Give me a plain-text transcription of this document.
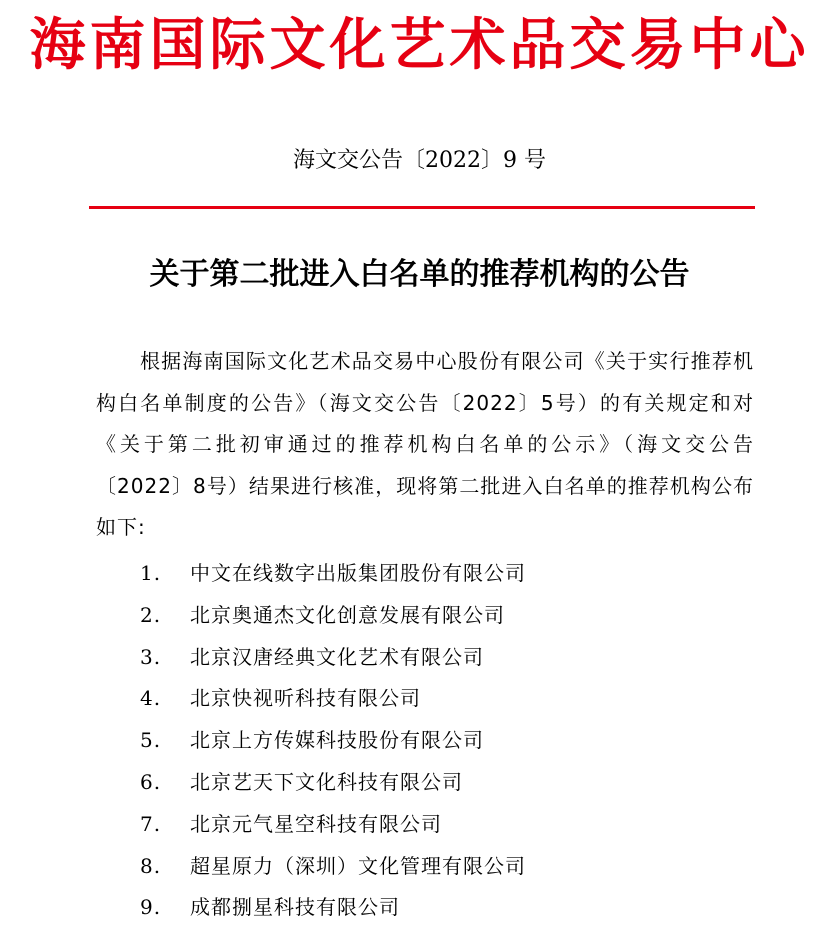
海南国际文化艺术品交易中心
海文交公告〔2022〕9 号
关于第二批进入白名单的推荐机构的公告
根据海南国际文化艺术品交易中心股份有限公司《关于实行推荐机构白名单制度的公告》（海文交公告〔2022〕5号）的有关规定和对《关于第二批初审通过的推荐机构白名单的公示》（海文交公告〔2022〕8号）结果进行核准，现将第二批进入白名单的推荐机构公布如下:
1. 中文在线数字出版集团股份有限公司
2. 北京奥通杰文化创意发展有限公司
3. 北京汉唐经典文化艺术有限公司
4. 北京快视听科技有限公司
5. 北京上方传媒科技股份有限公司
6. 北京艺天下文化科技有限公司
7. 北京元气星空科技有限公司
8. 超星原力（深圳）文化管理有限公司
9. 成都捌星科技有限公司
